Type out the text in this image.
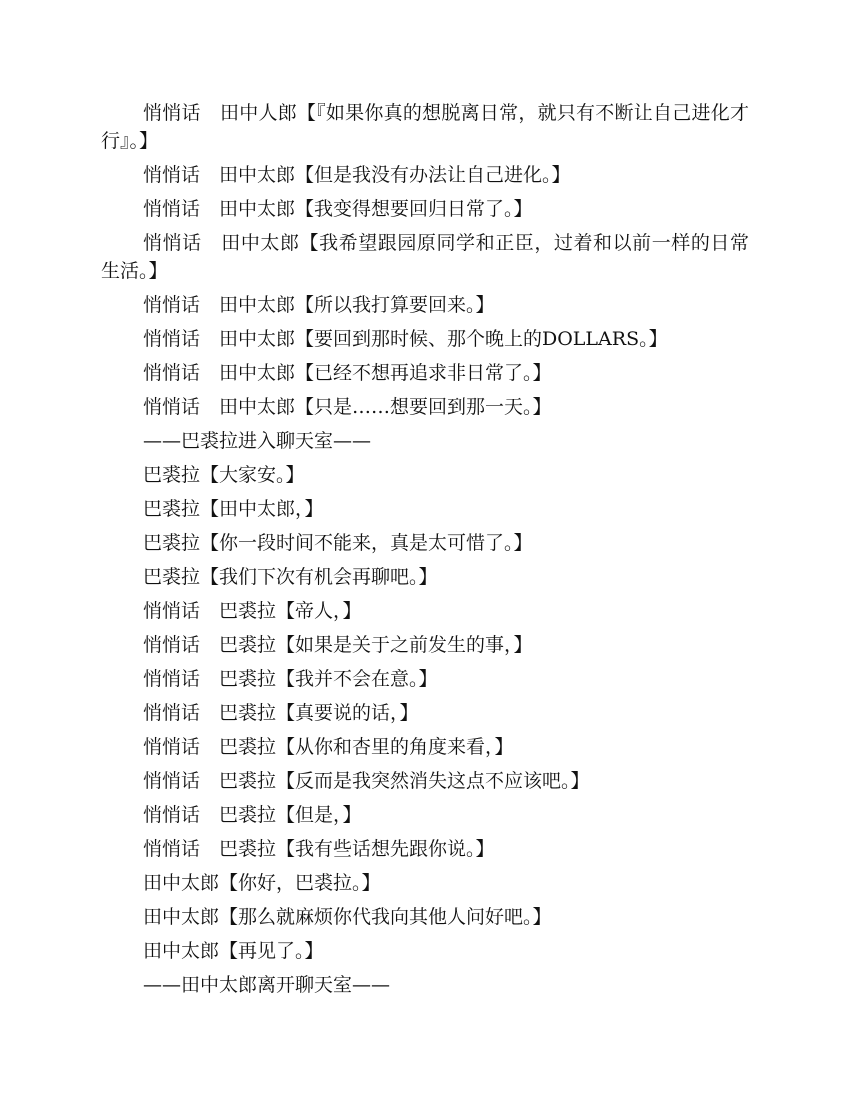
悄悄话　田中人郎【『如果你真的想脱离日常，就只有不断让自己进化才行』。】

悄悄话　田中太郎【但是我没有办法让自己进化。】

悄悄话　田中太郎【我变得想要回归日常了。】

悄悄话　田中太郎【我希望跟园原同学和正臣，过着和以前一样的日常生活。】

悄悄话　田中太郎【所以我打算要回来。】

悄悄话　田中太郎【要回到那时候、那个晚上的DOLLARS。】

悄悄话　田中太郎【已经不想再追求非日常了。】

悄悄话　田中太郎【只是……想要回到那一天。】

——巴裘拉进入聊天室——

巴裘拉【大家安。】

巴裘拉【田中太郎，】

巴裘拉【你一段时间不能来，真是太可惜了。】

巴裘拉【我们下次有机会再聊吧。】

悄悄话　巴裘拉【帝人，】

悄悄话　巴裘拉【如果是关于之前发生的事，】

悄悄话　巴裘拉【我并不会在意。】

悄悄话　巴裘拉【真要说的话，】

悄悄话　巴裘拉【从你和杏里的角度来看，】

悄悄话　巴裘拉【反而是我突然消失这点不应该吧。】

悄悄话　巴裘拉【但是，】

悄悄话　巴裘拉【我有些话想先跟你说。】

田中太郎【你好，巴裘拉。】

田中太郎【那么就麻烦你代我向其他人问好吧。】

田中太郎【再见了。】

——田中太郎离开聊天室——
